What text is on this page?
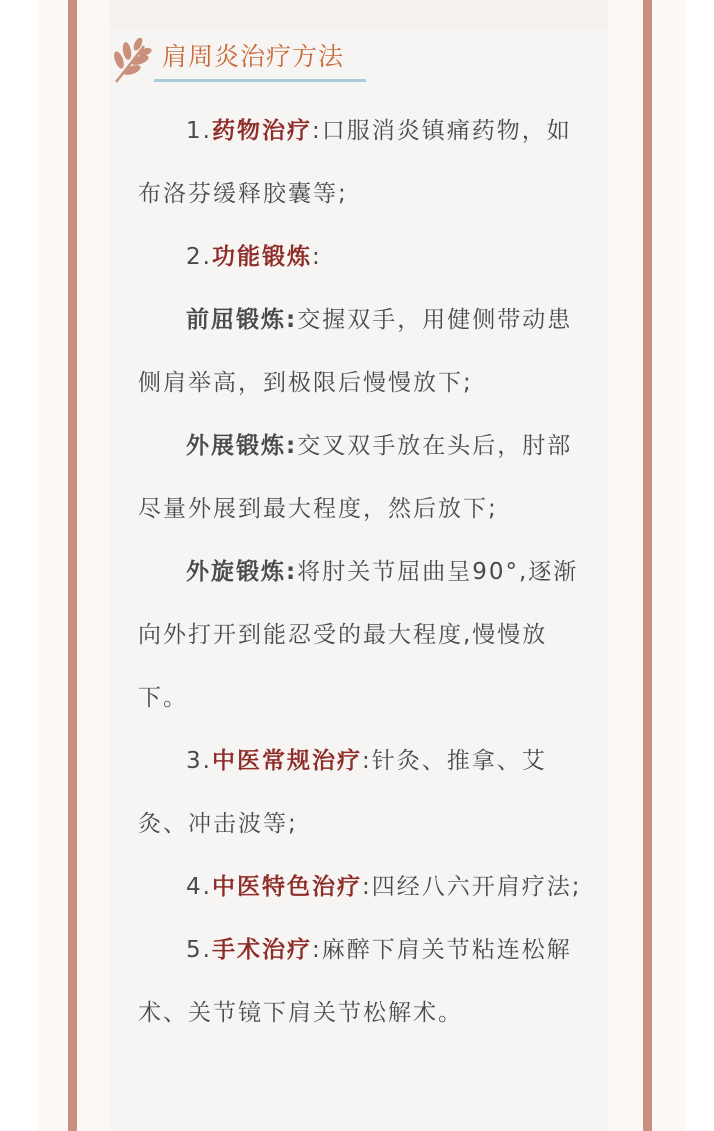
肩周炎治疗方法

1.药物治疗:口服消炎镇痛药物，如布洛芬缓释胶囊等;

2.功能锻炼:

前屈锻炼:交握双手，用健侧带动患侧肩举高，到极限后慢慢放下;

外展锻炼:交叉双手放在头后，肘部尽量外展到最大程度，然后放下;

外旋锻炼:将肘关节屈曲呈90°,逐渐向外打开到能忍受的最大程度,慢慢放下。

3.中医常规治疗:针灸、推拿、艾灸、冲击波等;

4.中医特色治疗:四经八六开肩疗法;

5.手术治疗:麻醉下肩关节粘连松解术、关节镜下肩关节松解术。
